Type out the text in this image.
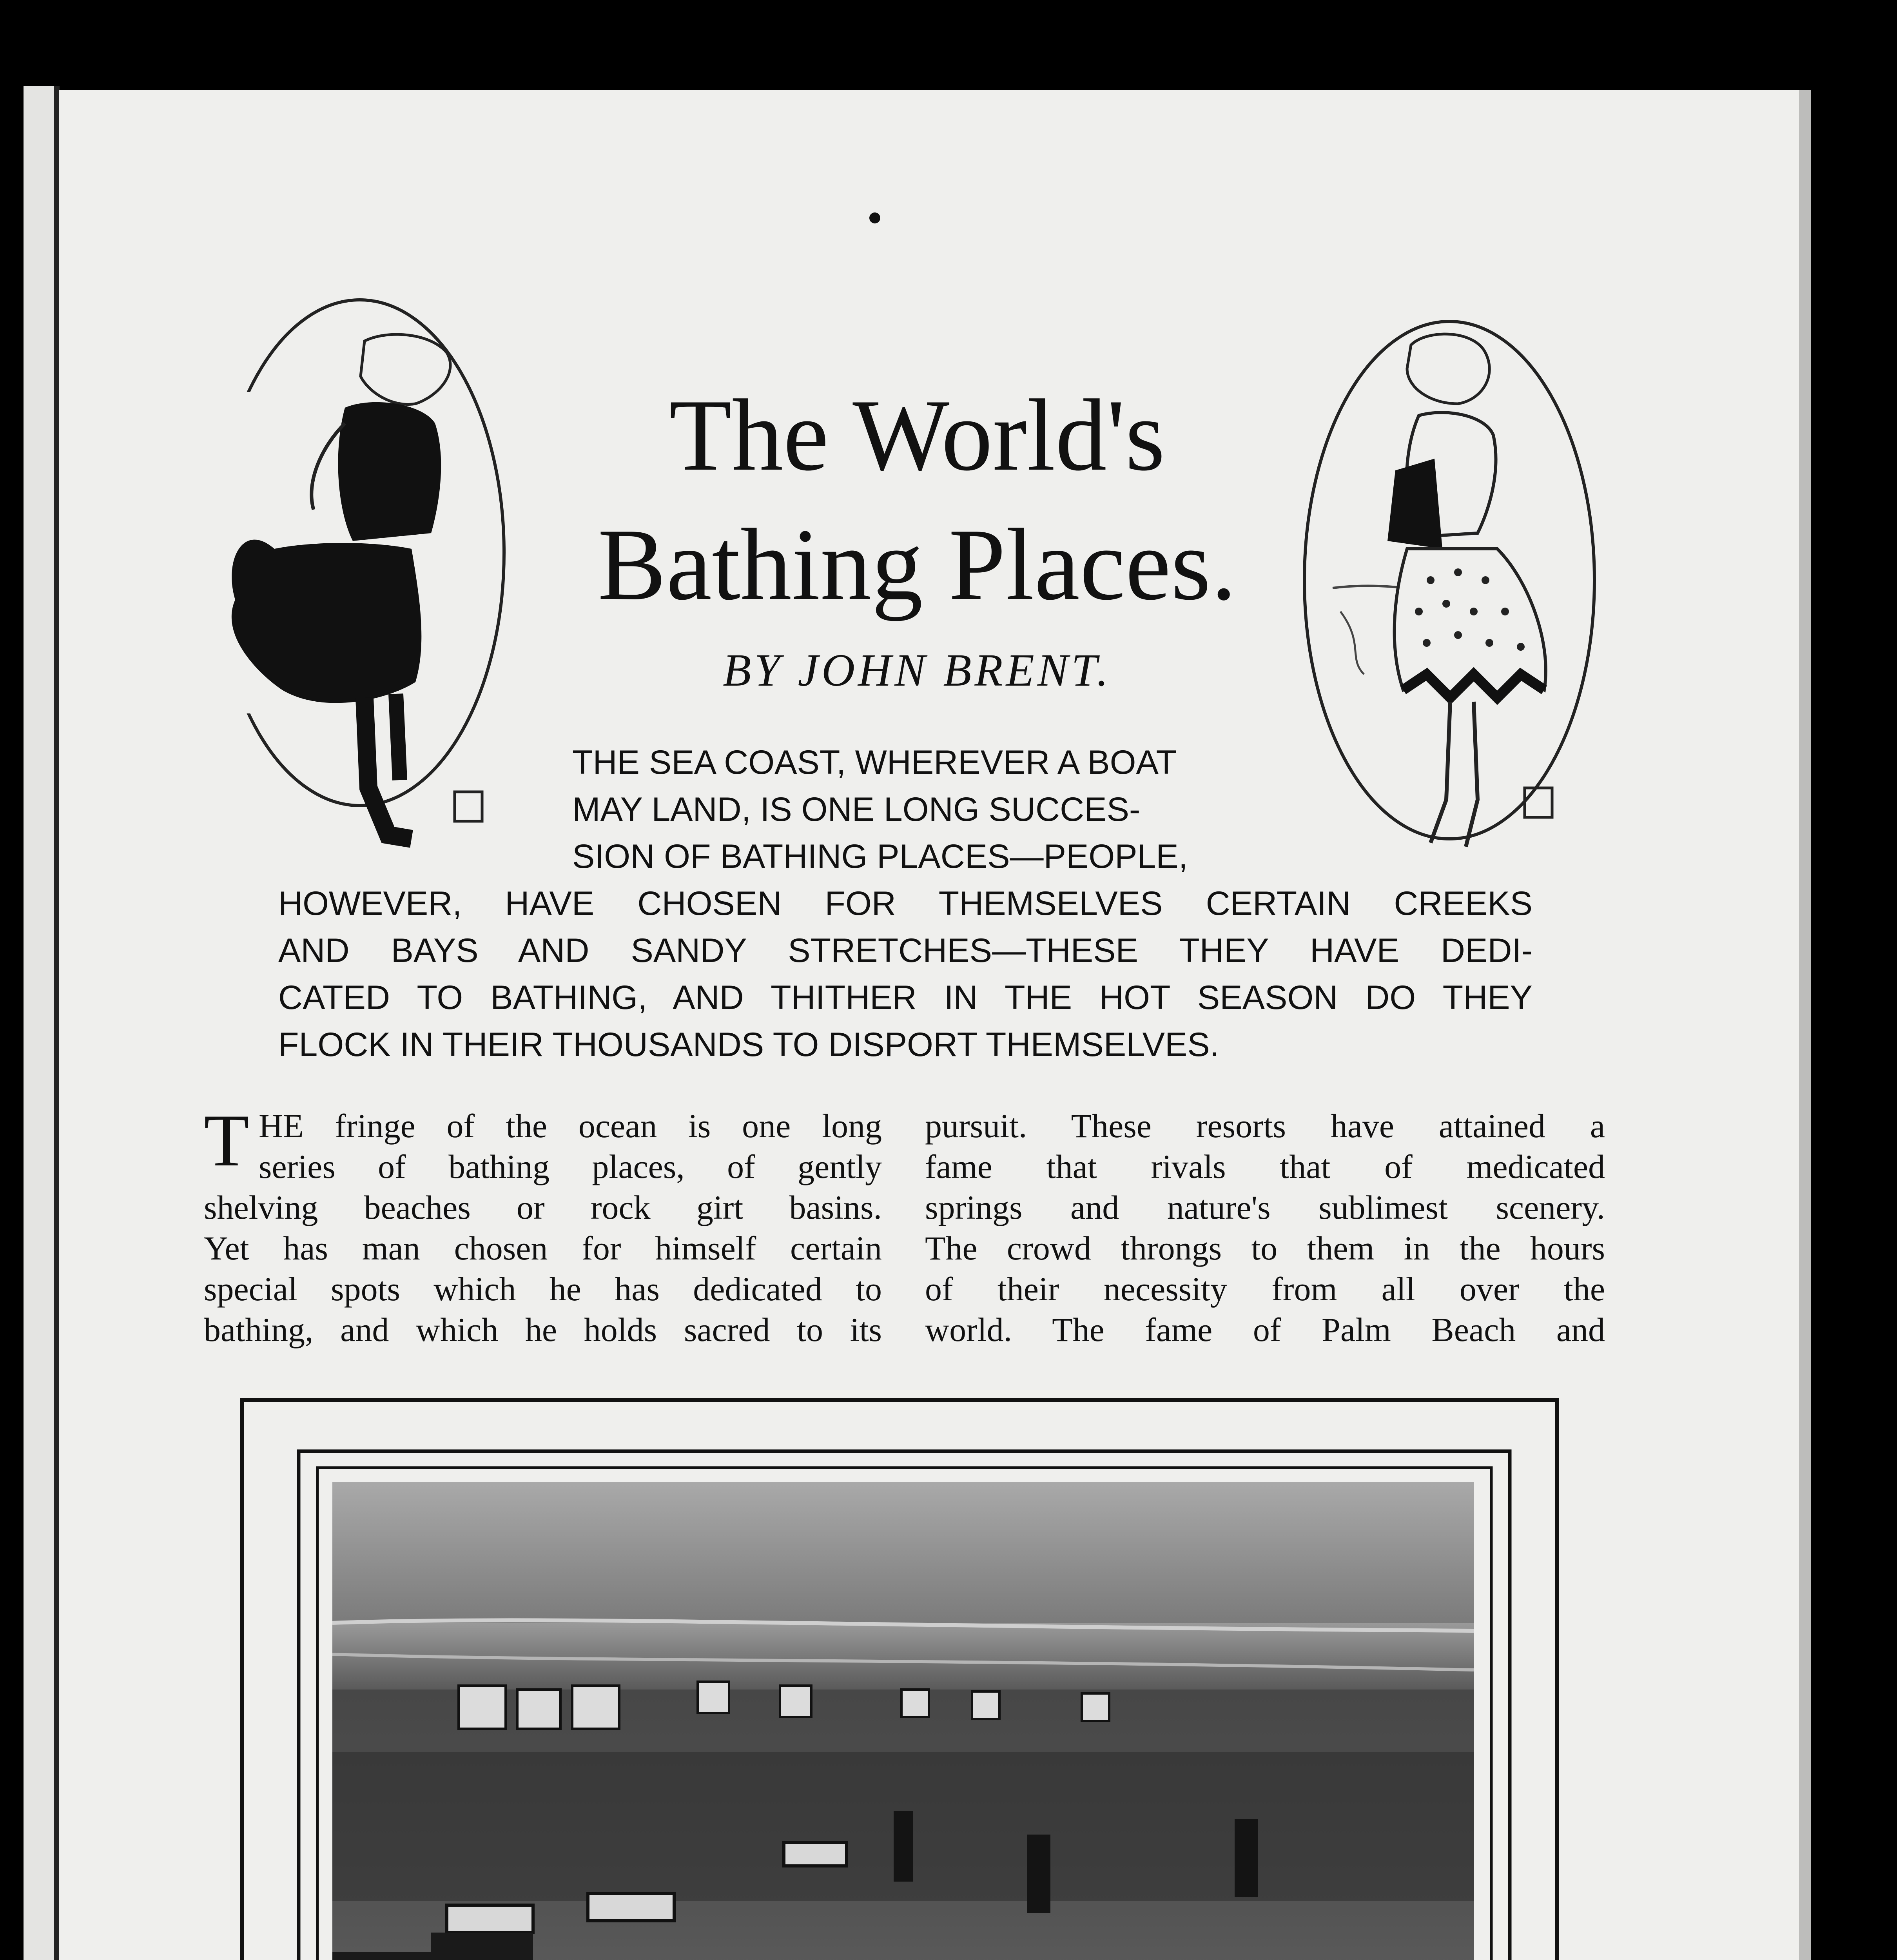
The World's
Bathing Places.
BY JOHN BRENT.
THE SEA COAST, WHEREVER A BOAT
MAY LAND, IS ONE LONG SUCCES-
SION OF BATHING PLACES—PEOPLE,
HOWEVER, HAVE CHOSEN FOR THEMSELVES CERTAIN CREEKS
AND BAYS AND SANDY STRETCHES—THESE THEY HAVE DEDI-
CATED TO BATHING, AND THITHER IN THE HOT SEASON DO THEY
FLOCK IN THEIR THOUSANDS TO DISPORT THEMSELVES.
T HE fringe of the ocean is one long
series of bathing places, of gently
shelving beaches or rock girt basins.
Yet has man chosen for himself certain
special spots which he has dedicated to
bathing, and which he holds sacred to its
pursuit. These resorts have attained a
fame that rivals that of medicated
springs and nature's sublimest scenery.
The crowd throngs to them in the hours
of their necessity from all over the
world. The fame of Palm Beach and
